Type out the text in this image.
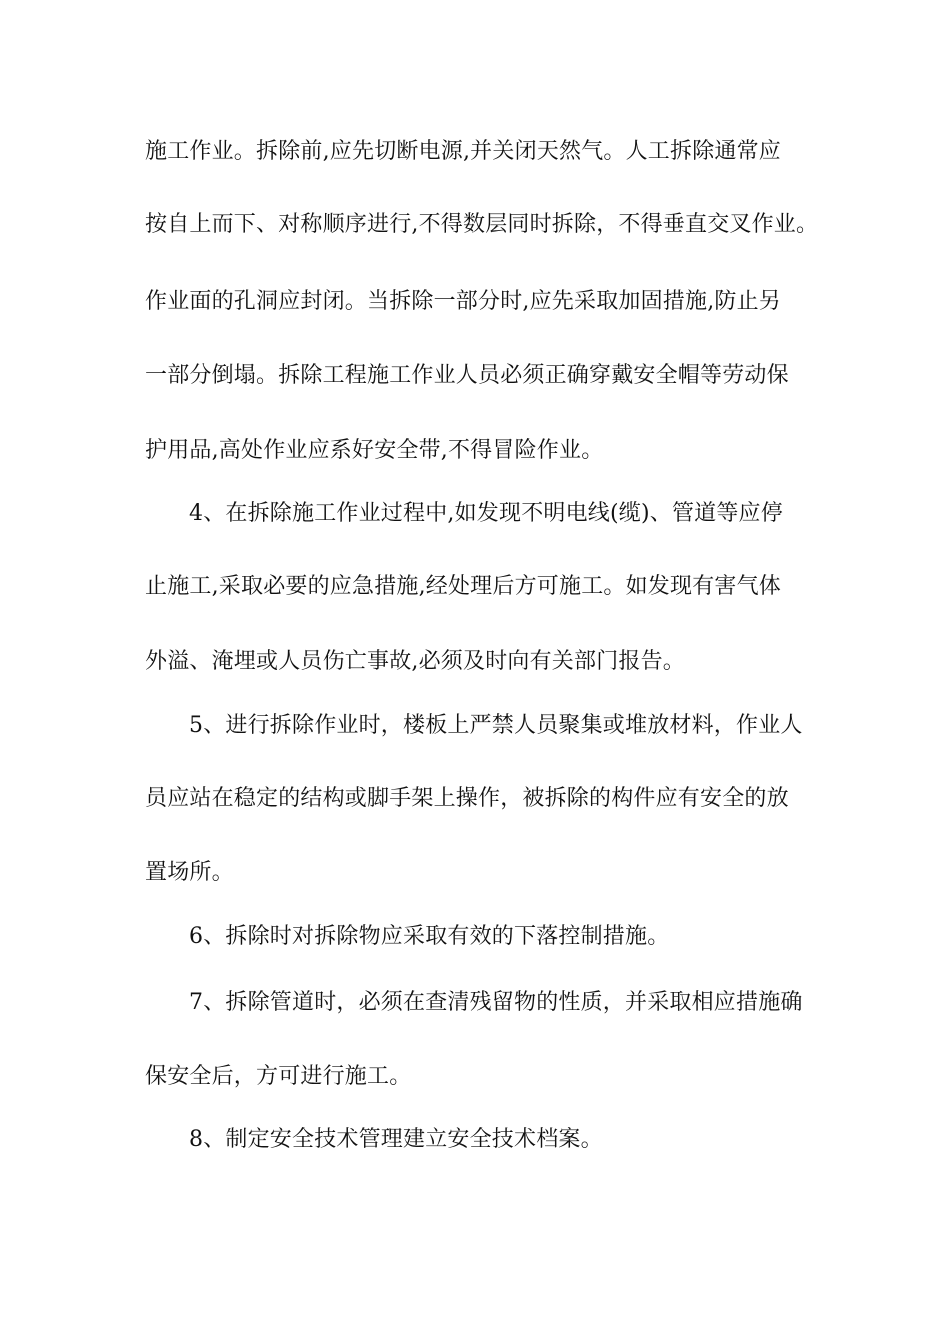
施工作业。拆除前,应先切断电源,并关闭天然气。人工拆除通常应
按自上而下、对称顺序进行,不得数层同时拆除，不得垂直交叉作业。
作业面的孔洞应封闭。当拆除一部分时,应先采取加固措施,防止另
一部分倒塌。拆除工程施工作业人员必须正确穿戴安全帽等劳动保
护用品,高处作业应系好安全带,不得冒险作业。
4、在拆除施工作业过程中,如发现不明电线(缆)、管道等应停
止施工,采取必要的应急措施,经处理后方可施工。如发现有害气体
外溢、淹埋或人员伤亡事故,必须及时向有关部门报告。
5、进行拆除作业时，楼板上严禁人员聚集或堆放材料，作业人
员应站在稳定的结构或脚手架上操作，被拆除的构件应有安全的放
置场所。
6、拆除时对拆除物应采取有效的下落控制措施。
7、拆除管道时，必须在查清残留物的性质，并采取相应措施确
保安全后，方可进行施工。
8、制定安全技术管理建立安全技术档案。
